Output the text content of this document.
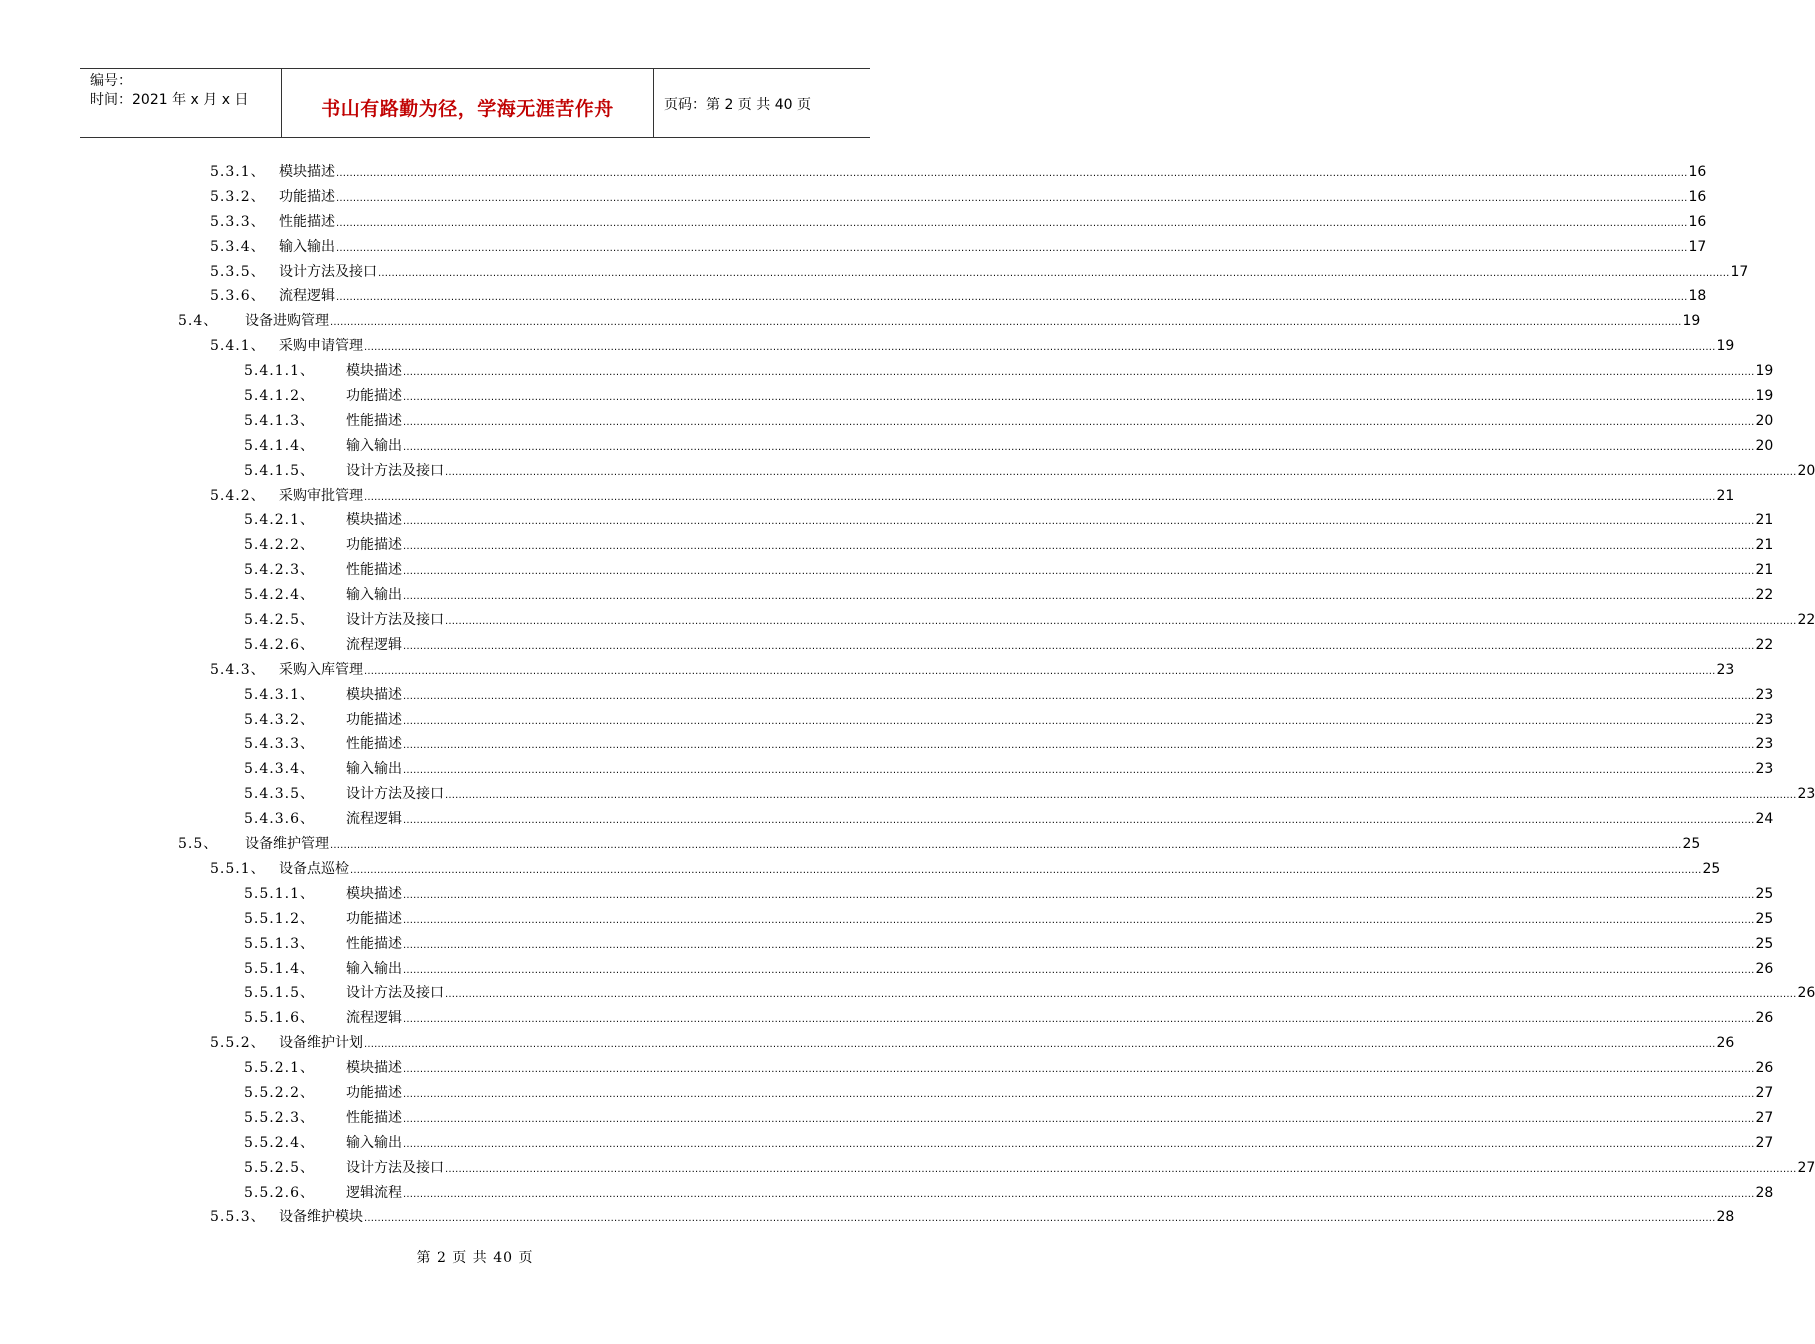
编号：
时间：2021 年 x 月 x 日	书山有路勤为径，学海无涯苦作舟	页码：第 2 页 共 40 页
5.3.1、 模块描述 ................................................................................................................................................................................................................................................................................................................................................................................................................ 16
5.3.2、 功能描述 ................................................................................................................................................................................................................................................................................................................................................................................................................ 16
5.3.3、 性能描述 ................................................................................................................................................................................................................................................................................................................................................................................................................ 16
5.3.4、 输入输出 ................................................................................................................................................................................................................................................................................................................................................................................................................ 17
5.3.5、 设计方法及接口 ................................................................................................................................................................................................................................................................................................................................................................................................................ 17
5.3.6、 流程逻辑 ................................................................................................................................................................................................................................................................................................................................................................................................................ 18
5.4、 设备进购管理 ................................................................................................................................................................................................................................................................................................................................................................................................................ 19
5.4.1、 采购申请管理 ................................................................................................................................................................................................................................................................................................................................................................................................................ 19
5.4.1.1、 模块描述 ................................................................................................................................................................................................................................................................................................................................................................................................................ 19
5.4.1.2、 功能描述 ................................................................................................................................................................................................................................................................................................................................................................................................................ 19
5.4.1.3、 性能描述 ................................................................................................................................................................................................................................................................................................................................................................................................................ 20
5.4.1.4、 输入输出 ................................................................................................................................................................................................................................................................................................................................................................................................................ 20
5.4.1.5、 设计方法及接口 ................................................................................................................................................................................................................................................................................................................................................................................................................ 20
5.4.2、 采购审批管理 ................................................................................................................................................................................................................................................................................................................................................................................................................ 21
5.4.2.1、 模块描述 ................................................................................................................................................................................................................................................................................................................................................................................................................ 21
5.4.2.2、 功能描述 ................................................................................................................................................................................................................................................................................................................................................................................................................ 21
5.4.2.3、 性能描述 ................................................................................................................................................................................................................................................................................................................................................................................................................ 21
5.4.2.4、 输入输出 ................................................................................................................................................................................................................................................................................................................................................................................................................ 22
5.4.2.5、 设计方法及接口 ................................................................................................................................................................................................................................................................................................................................................................................................................ 22
5.4.2.6、 流程逻辑 ................................................................................................................................................................................................................................................................................................................................................................................................................ 22
5.4.3、 采购入库管理 ................................................................................................................................................................................................................................................................................................................................................................................................................ 23
5.4.3.1、 模块描述 ................................................................................................................................................................................................................................................................................................................................................................................................................ 23
5.4.3.2、 功能描述 ................................................................................................................................................................................................................................................................................................................................................................................................................ 23
5.4.3.3、 性能描述 ................................................................................................................................................................................................................................................................................................................................................................................................................ 23
5.4.3.4、 输入输出 ................................................................................................................................................................................................................................................................................................................................................................................................................ 23
5.4.3.5、 设计方法及接口 ................................................................................................................................................................................................................................................................................................................................................................................................................ 23
5.4.3.6、 流程逻辑 ................................................................................................................................................................................................................................................................................................................................................................................................................ 24
5.5、 设备维护管理 ................................................................................................................................................................................................................................................................................................................................................................................................................ 25
5.5.1、 设备点巡检 ................................................................................................................................................................................................................................................................................................................................................................................................................ 25
5.5.1.1、 模块描述 ................................................................................................................................................................................................................................................................................................................................................................................................................ 25
5.5.1.2、 功能描述 ................................................................................................................................................................................................................................................................................................................................................................................................................ 25
5.5.1.3、 性能描述 ................................................................................................................................................................................................................................................................................................................................................................................................................ 25
5.5.1.4、 输入输出 ................................................................................................................................................................................................................................................................................................................................................................................................................ 26
5.5.1.5、 设计方法及接口 ................................................................................................................................................................................................................................................................................................................................................................................................................ 26
5.5.1.6、 流程逻辑 ................................................................................................................................................................................................................................................................................................................................................................................................................ 26
5.5.2、 设备维护计划 ................................................................................................................................................................................................................................................................................................................................................................................................................ 26
5.5.2.1、 模块描述 ................................................................................................................................................................................................................................................................................................................................................................................................................ 26
5.5.2.2、 功能描述 ................................................................................................................................................................................................................................................................................................................................................................................................................ 27
5.5.2.3、 性能描述 ................................................................................................................................................................................................................................................................................................................................................................................................................ 27
5.5.2.4、 输入输出 ................................................................................................................................................................................................................................................................................................................................................................................................................ 27
5.5.2.5、 设计方法及接口 ................................................................................................................................................................................................................................................................................................................................................................................................................ 27
5.5.2.6、 逻辑流程 ................................................................................................................................................................................................................................................................................................................................................................................................................ 28
5.5.3、 设备维护模块 ................................................................................................................................................................................................................................................................................................................................................................................................................ 28
第 2 页 共 40 页
